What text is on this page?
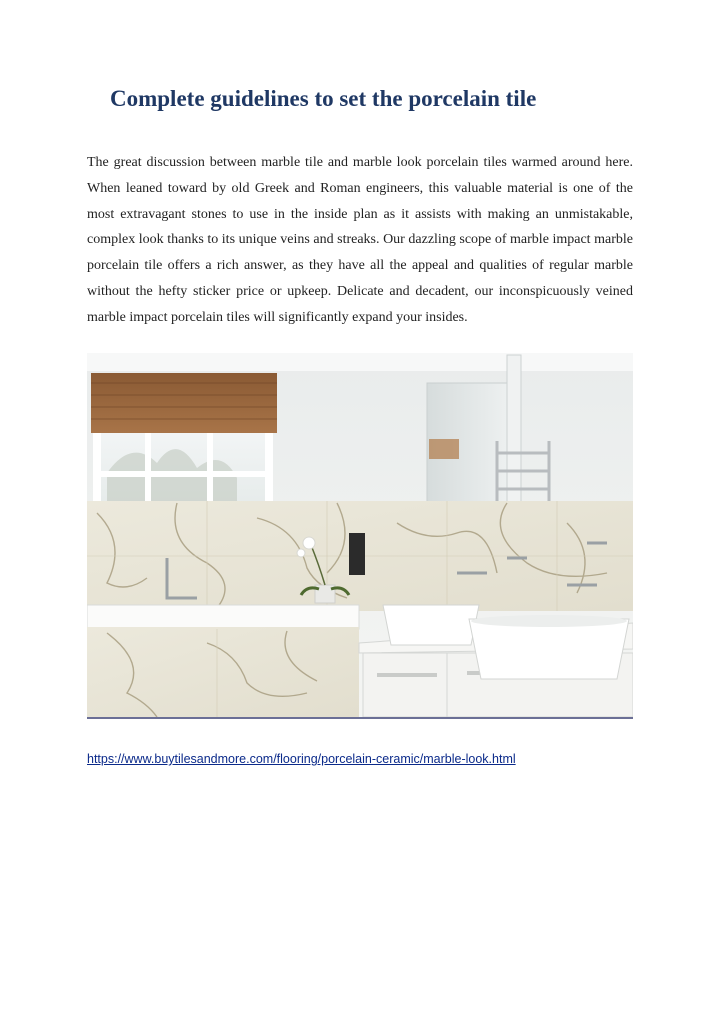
Complete guidelines to set the porcelain tile

The great discussion between marble tile and marble look porcelain tiles warmed around here. When leaned toward by old Greek and Roman engineers, this valuable material is one of the most extravagant stones to use in the inside plan as it assists with making an unmistakable, complex look thanks to its unique veins and streaks. Our dazzling scope of marble impact marble porcelain tile offers a rich answer, as they have all the appeal and qualities of regular marble without the hefty sticker price or upkeep. Delicate and decadent, our inconspicuously veined marble impact porcelain tiles will significantly expand your insides.

https://www.buytilesandmore.com/flooring/porcelain-ceramic/marble-look.html
